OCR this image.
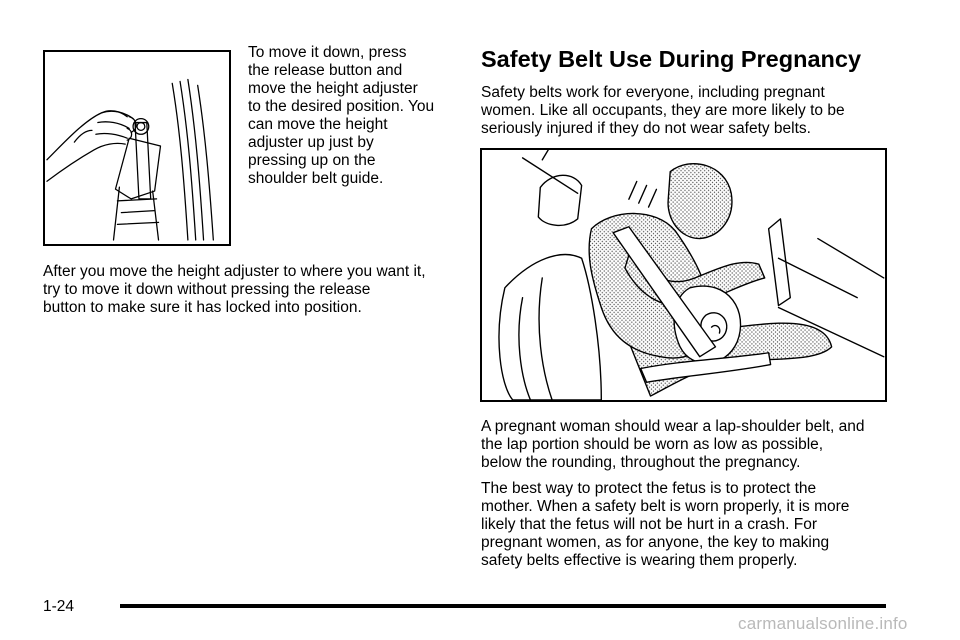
To move it down, press
the release button and
move the height adjuster
to the desired position. You
can move the height
adjuster up just by
pressing up on the
shoulder belt guide.
After you move the height adjuster to where you want it,
try to move it down without pressing the release
button to make sure it has locked into position.
Safety Belt Use During Pregnancy
Safety belts work for everyone, including pregnant
women. Like all occupants, they are more likely to be
seriously injured if they do not wear safety belts.
A pregnant woman should wear a lap-shoulder belt, and
the lap portion should be worn as low as possible,
below the rounding, throughout the pregnancy.
The best way to protect the fetus is to protect the
mother. When a safety belt is worn properly, it is more
likely that the fetus will not be hurt in a crash. For
pregnant women, as for anyone, the key to making
safety belts effective is wearing them properly.
1-24
carmanualsonline.info
